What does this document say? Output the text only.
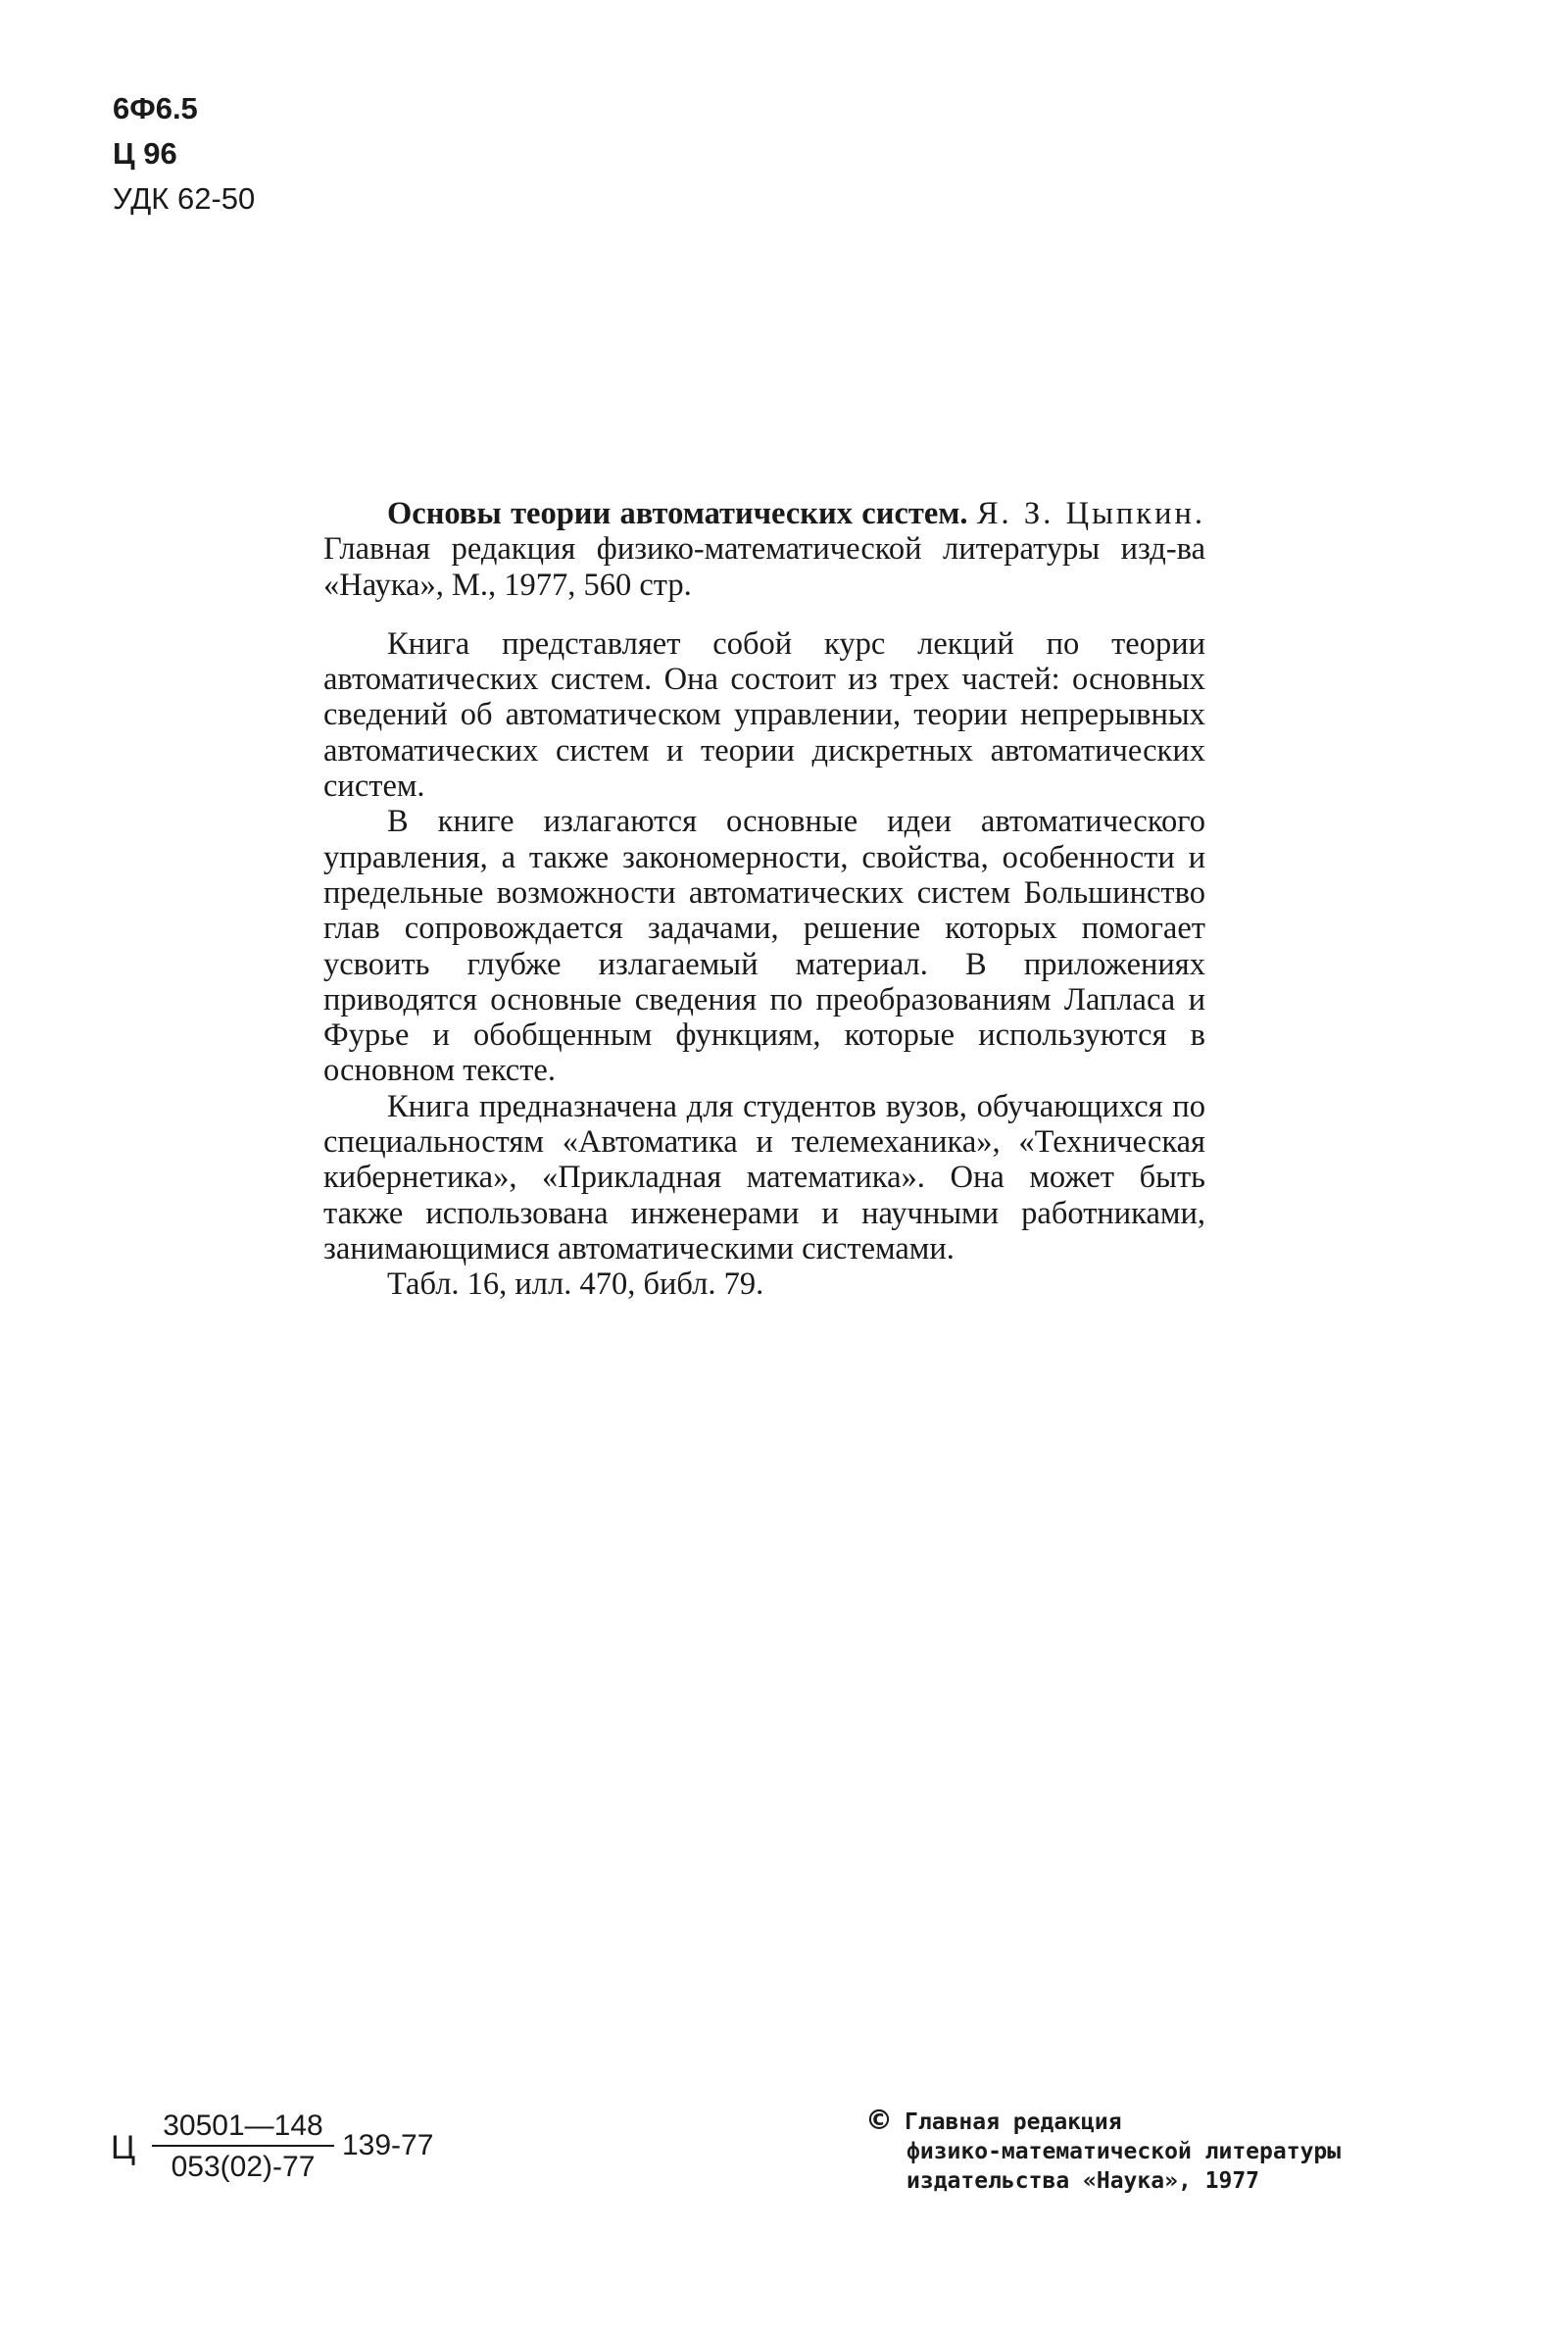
6Ф6.5
Ц 96
УДК 62-50

Основы теории автоматических систем. Я. З. Цыпкин. Главная редакция физико-математической литературы изд-ва «Наука», М., 1977, 560 стр.

Книга представляет собой курс лекций по теории автоматических систем. Она состоит из трех частей: основных сведений об автоматическом управлении, теории непрерывных автоматических систем и теории дискретных автоматических систем.

В книге излагаются основные идеи автоматического управления, а также закономерности, свойства, особенности и предельные возможности автоматических систем Большинство глав сопровождается задачами, решение которых помогает усвоить глубже излагаемый материал. В приложениях приводятся основные сведения по преобразованиям Лапласа и Фурье и обобщенным функциям, которые используются в основном тексте.

Книга предназначена для студентов вузов, обучающихся по специальностям «Автоматика и телемеханика», «Техническая кибернетика», «Прикладная математика». Она может быть также использована инженерами и научными работниками, занимающимися автоматическими системами.

Табл. 16, илл. 470, библ. 79.

Ц
30501—148
053(02)-77
139-77
© Главная редакция
физико-математической литературы
издательства «Наука», 1977
